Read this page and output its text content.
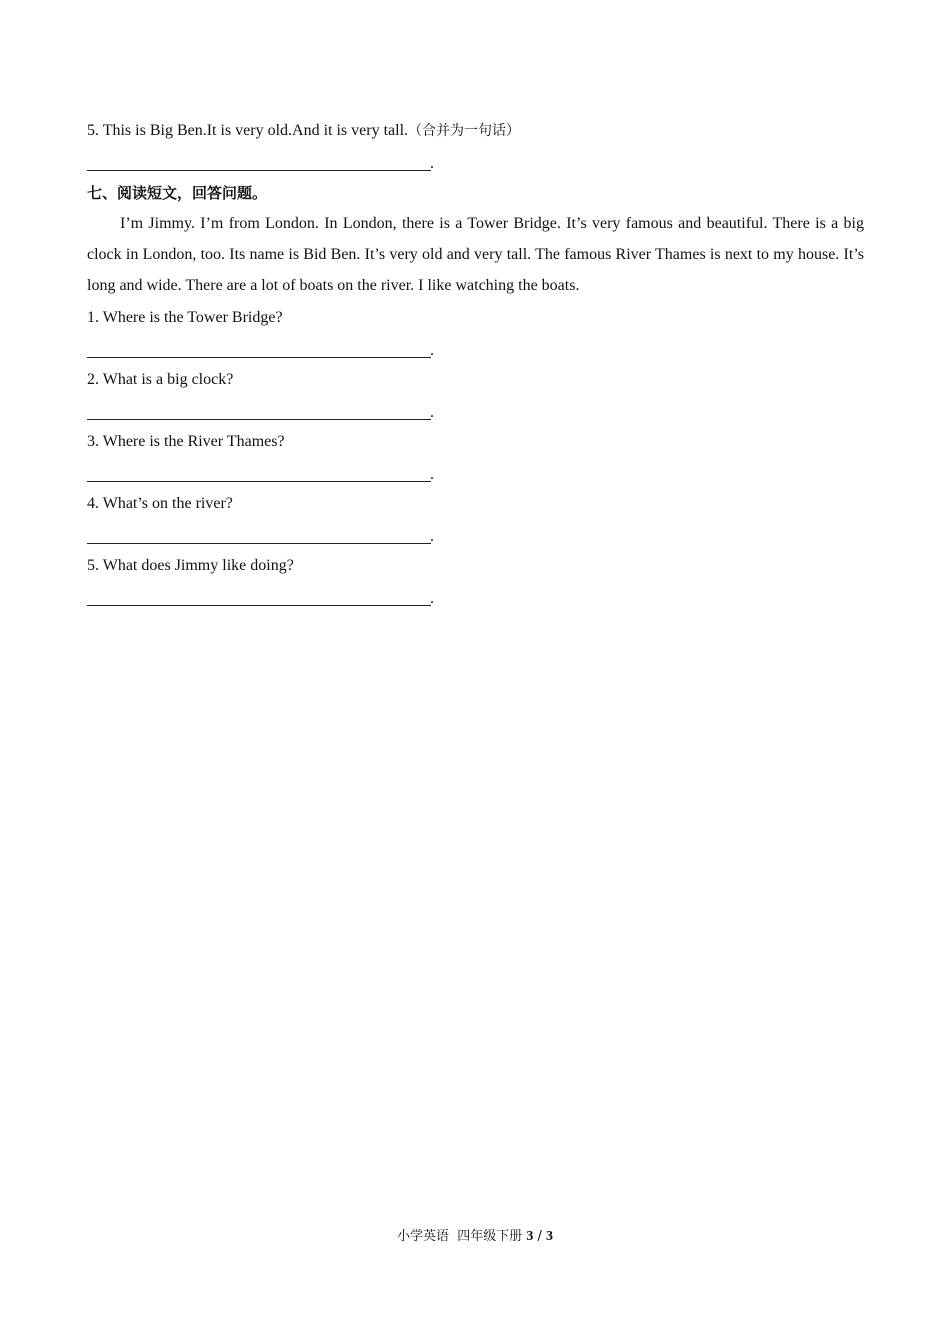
5. This is Big Ben.It is very old.And it is very tall.（合并为一句话）
.
七、阅读短文，回答问题。
I’m Jimmy. I’m from London. In London, there is a Tower Bridge. It’s very famous and beautiful. There is a big clock in London, too. Its name is Bid Ben. It’s very old and very tall. The famous River Thames is next to my house. It’s long and wide. There are a lot of boats on the river. I like watching the boats.
1. Where is the Tower Bridge?
.
2. What is a big clock?
.
3. Where is the River Thames?
.
4. What’s on the river?
.
5. What does Jimmy like doing?
.
小学英语 四年级下册 3 / 3
